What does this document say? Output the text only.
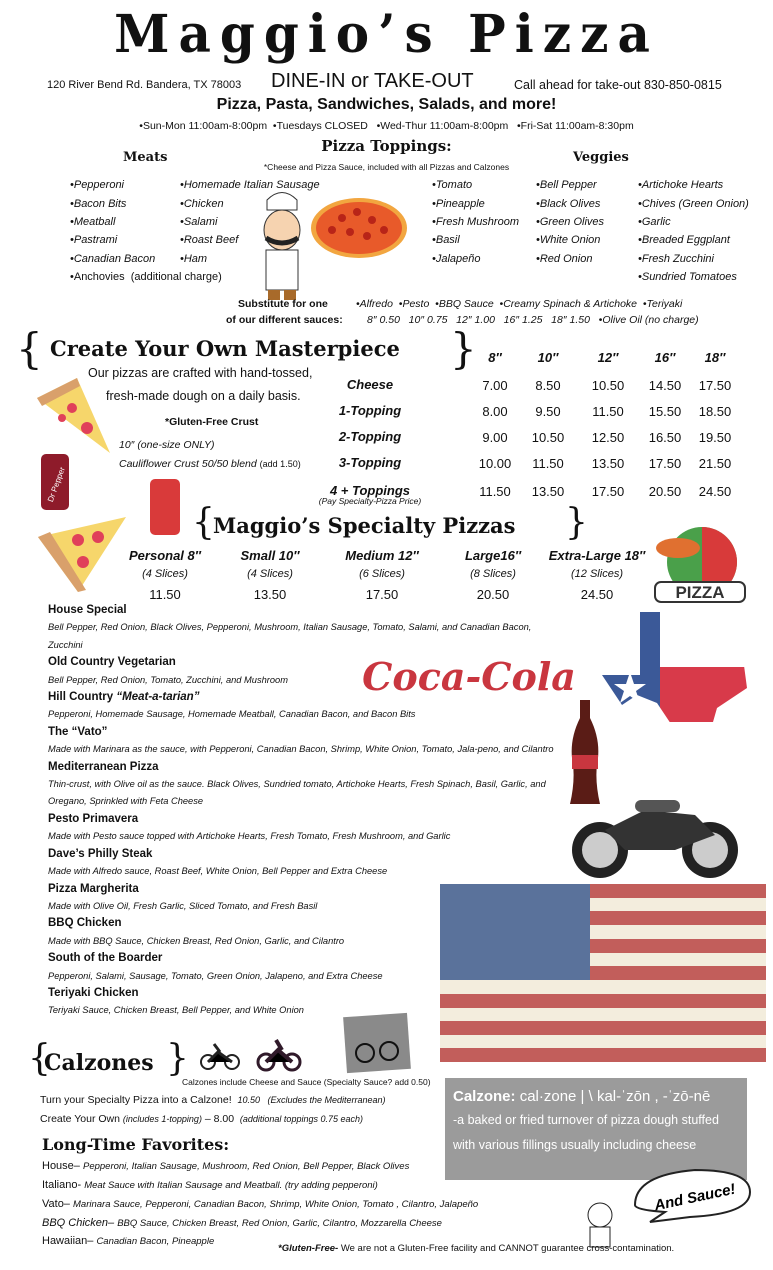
Maggio’s Pizza
120 River Bend Rd. Bandera, TX 78003 DINE-IN or TAKE-OUT	Call ahead for take-out 830-850-0815
Pizza, Pasta, Sandwiches, Salads, and more!
•Sun-Mon 11:00am-8:00pm  •Tuesdays CLOSED   •Wed-Thur 11:00am-8:00pm   •Fri-Sat 11:00am-8:30pm
Pizza Toppings:
Meats	Veggies
*Cheese and Pizza Sauce, included with all Pizzas and Calzones
•Pepperoni
•Bacon Bits
•Meatball
•Pastrami
•Canadian Bacon
•Anchovies  (additional charge)
•Homemade Italian Sausage
•Chicken
•Salami
•Roast Beef
•Ham
•Tomato
•Pineapple
•Fresh Mushroom
•Basil
•Jalapeño
•Bell Pepper
•Black Olives
•Green Olives
•White Onion
•Red Onion
•Artichoke Hearts
•Chives (Green Onion)
•Garlic
•Breaded Eggplant
•Fresh Zucchini
•Sundried Tomatoes
Substitute for one
of our different sauces:
•Alfredo  •Pesto  •BBQ Sauce  •Creamy Spinach & Artichoke  •Teriyaki
8″ 0.50   10″ 0.75   12″ 1.00   16″ 1.25   18″ 1.50   •Olive Oil (no charge)
{ Create Your Own Masterpiece }
Our pizzas are crafted with hand-tossed,
fresh-made dough on a daily basis.
*Gluten-Free Crust
10″ (one-size ONLY)
Cauliflower Crust 50/50 blend (add 1.50)
Dr Pepper
8″	10″	12″	16″	18″
Cheese	7.00	8.50	10.50	14.50	17.50
1-Topping	8.00	9.50	11.50	15.50	18.50
2-Topping	9.00	10.50	12.50	16.50	19.50
3-Topping	10.00	11.50	13.50	17.50	21.50
4 + Toppings	11.50	13.50	17.50	20.50	24.50
(Pay Specialty-Pizza Price)
{
Maggio’s Specialty Pizzas }
Personal 8″
(4 Slices)
11.50
Small 10″
(4 Slices)
13.50
Medium 12″
(6 Slices)
17.50
Large16″
(8 Slices)
20.50
Extra-Large 18″
(12 Slices)
24.50	PIZZA
House Special
Bell Pepper, Red Onion, Black Olives, Pepperoni, Mushroom, Italian Sausage, Tomato, Salami, and Canadian Bacon, Zucchini
Old Country Vegetarian
Bell Pepper, Red Onion, Tomato, Zucchini, and Mushroom
Hill Country “Meat-a-tarian”
Pepperoni, Homemade Sausage, Homemade Meatball, Canadian Bacon, and Bacon Bits
The “Vato”
Made with Marinara as the sauce, with Pepperoni, Canadian Bacon, Shrimp, White Onion, Tomato, Jala-peno, and Cilantro
Mediterranean Pizza
Thin-crust, with Olive oil as the sauce. Black Olives, Sundried tomato, Artichoke Hearts, Fresh Spinach, Basil, Garlic, and Oregano, Sprinkled with Feta Cheese
Pesto Primavera
Made with Pesto sauce topped with Artichoke Hearts, Fresh Tomato, Fresh Mushroom, and Garlic
Dave’s Philly Steak
Made with Alfredo sauce, Roast Beef, White Onion, Bell Pepper and Extra Cheese
Pizza Margherita
Made with Olive Oil, Fresh Garlic, Sliced Tomato, and Fresh Basil
BBQ Chicken
Made with BBQ Sauce, Chicken Breast, Red Onion, Garlic, and Cilantro
South of the Boarder
Pepperoni, Salami, Sausage, Tomato, Green Onion, Jalapeno, and Extra Cheese
Teriyaki Chicken
Teriyaki Sauce, Chicken Breast, Bell Pepper, and White Onion
Coca-Cola
{
Calzones }
Calzones include Cheese and Sauce (Specialty Sauce? add 0.50)
Turn your Specialty Pizza into a Calzone! 10.50   (Excludes the Mediterranean)
Create Your Own (includes 1-topping) – 8.00 (additional toppings 0.75 each)
Calzone: cal·zone | \ kal-ˈzōn , -ˈzō-nē
-a baked or fried turnover of pizza dough stuffed with various fillings usually including cheese
Long-Time Favorites:
House– Pepperoni, Italian Sausage, Mushroom, Red Onion, Bell Pepper, Black Olives
Italiano- Meat Sauce with Italian Sausage and Meatball. (try adding pepperoni)
Vato– Marinara Sauce, Pepperoni, Canadian Bacon, Shrimp, White Onion, Tomato , Cilantro, Jalapeño
BBQ Chicken– BBQ Sauce, Chicken Breast, Red Onion, Garlic, Cilantro, Mozzarella Cheese
Hawaiian– Canadian Bacon, Pineapple
And Sauce!
*Gluten-Free- We are not a Gluten-Free facility and CANNOT guarantee cross-contamination.
